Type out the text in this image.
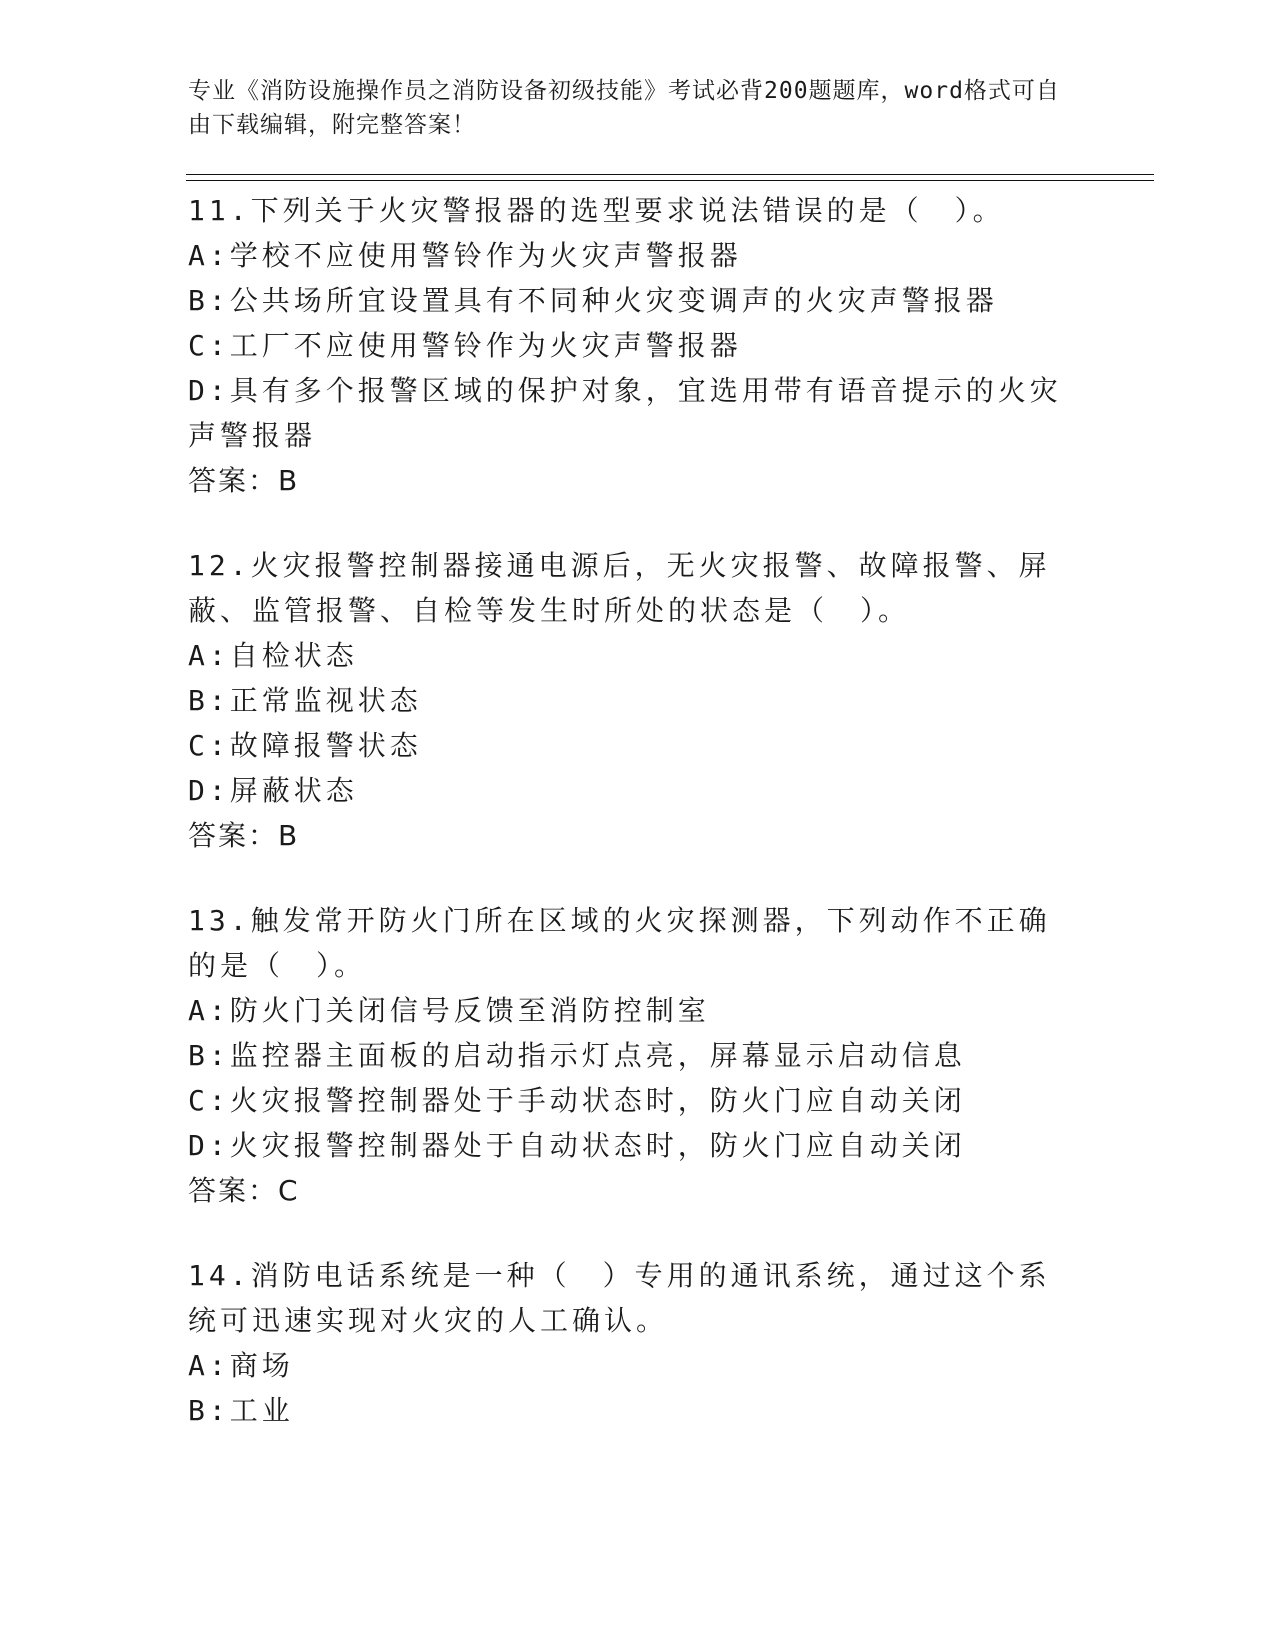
专业《消防设施操作员之消防设备初级技能》考试必背200题题库，word格式可自由下载编辑，附完整答案！
11.下列关于火灾警报器的选型要求说法错误的是（　）。
A:学校不应使用警铃作为火灾声警报器
B:公共场所宜设置具有不同种火灾变调声的火灾声警报器
C:工厂不应使用警铃作为火灾声警报器
D:具有多个报警区域的保护对象，宜选用带有语音提示的火灾声警报器
答案：B
12.火灾报警控制器接通电源后，无火灾报警、故障报警、屏蔽、监管报警、自检等发生时所处的状态是（　）。
A:自检状态
B:正常监视状态
C:故障报警状态
D:屏蔽状态
答案：B
13.触发常开防火门所在区域的火灾探测器，下列动作不正确的是（　）。
A:防火门关闭信号反馈至消防控制室
B:监控器主面板的启动指示灯点亮，屏幕显示启动信息
C:火灾报警控制器处于手动状态时，防火门应自动关闭
D:火灾报警控制器处于自动状态时，防火门应自动关闭
答案：C
14.消防电话系统是一种（　）专用的通讯系统，通过这个系统可迅速实现对火灾的人工确认。
A:商场
B:工业
